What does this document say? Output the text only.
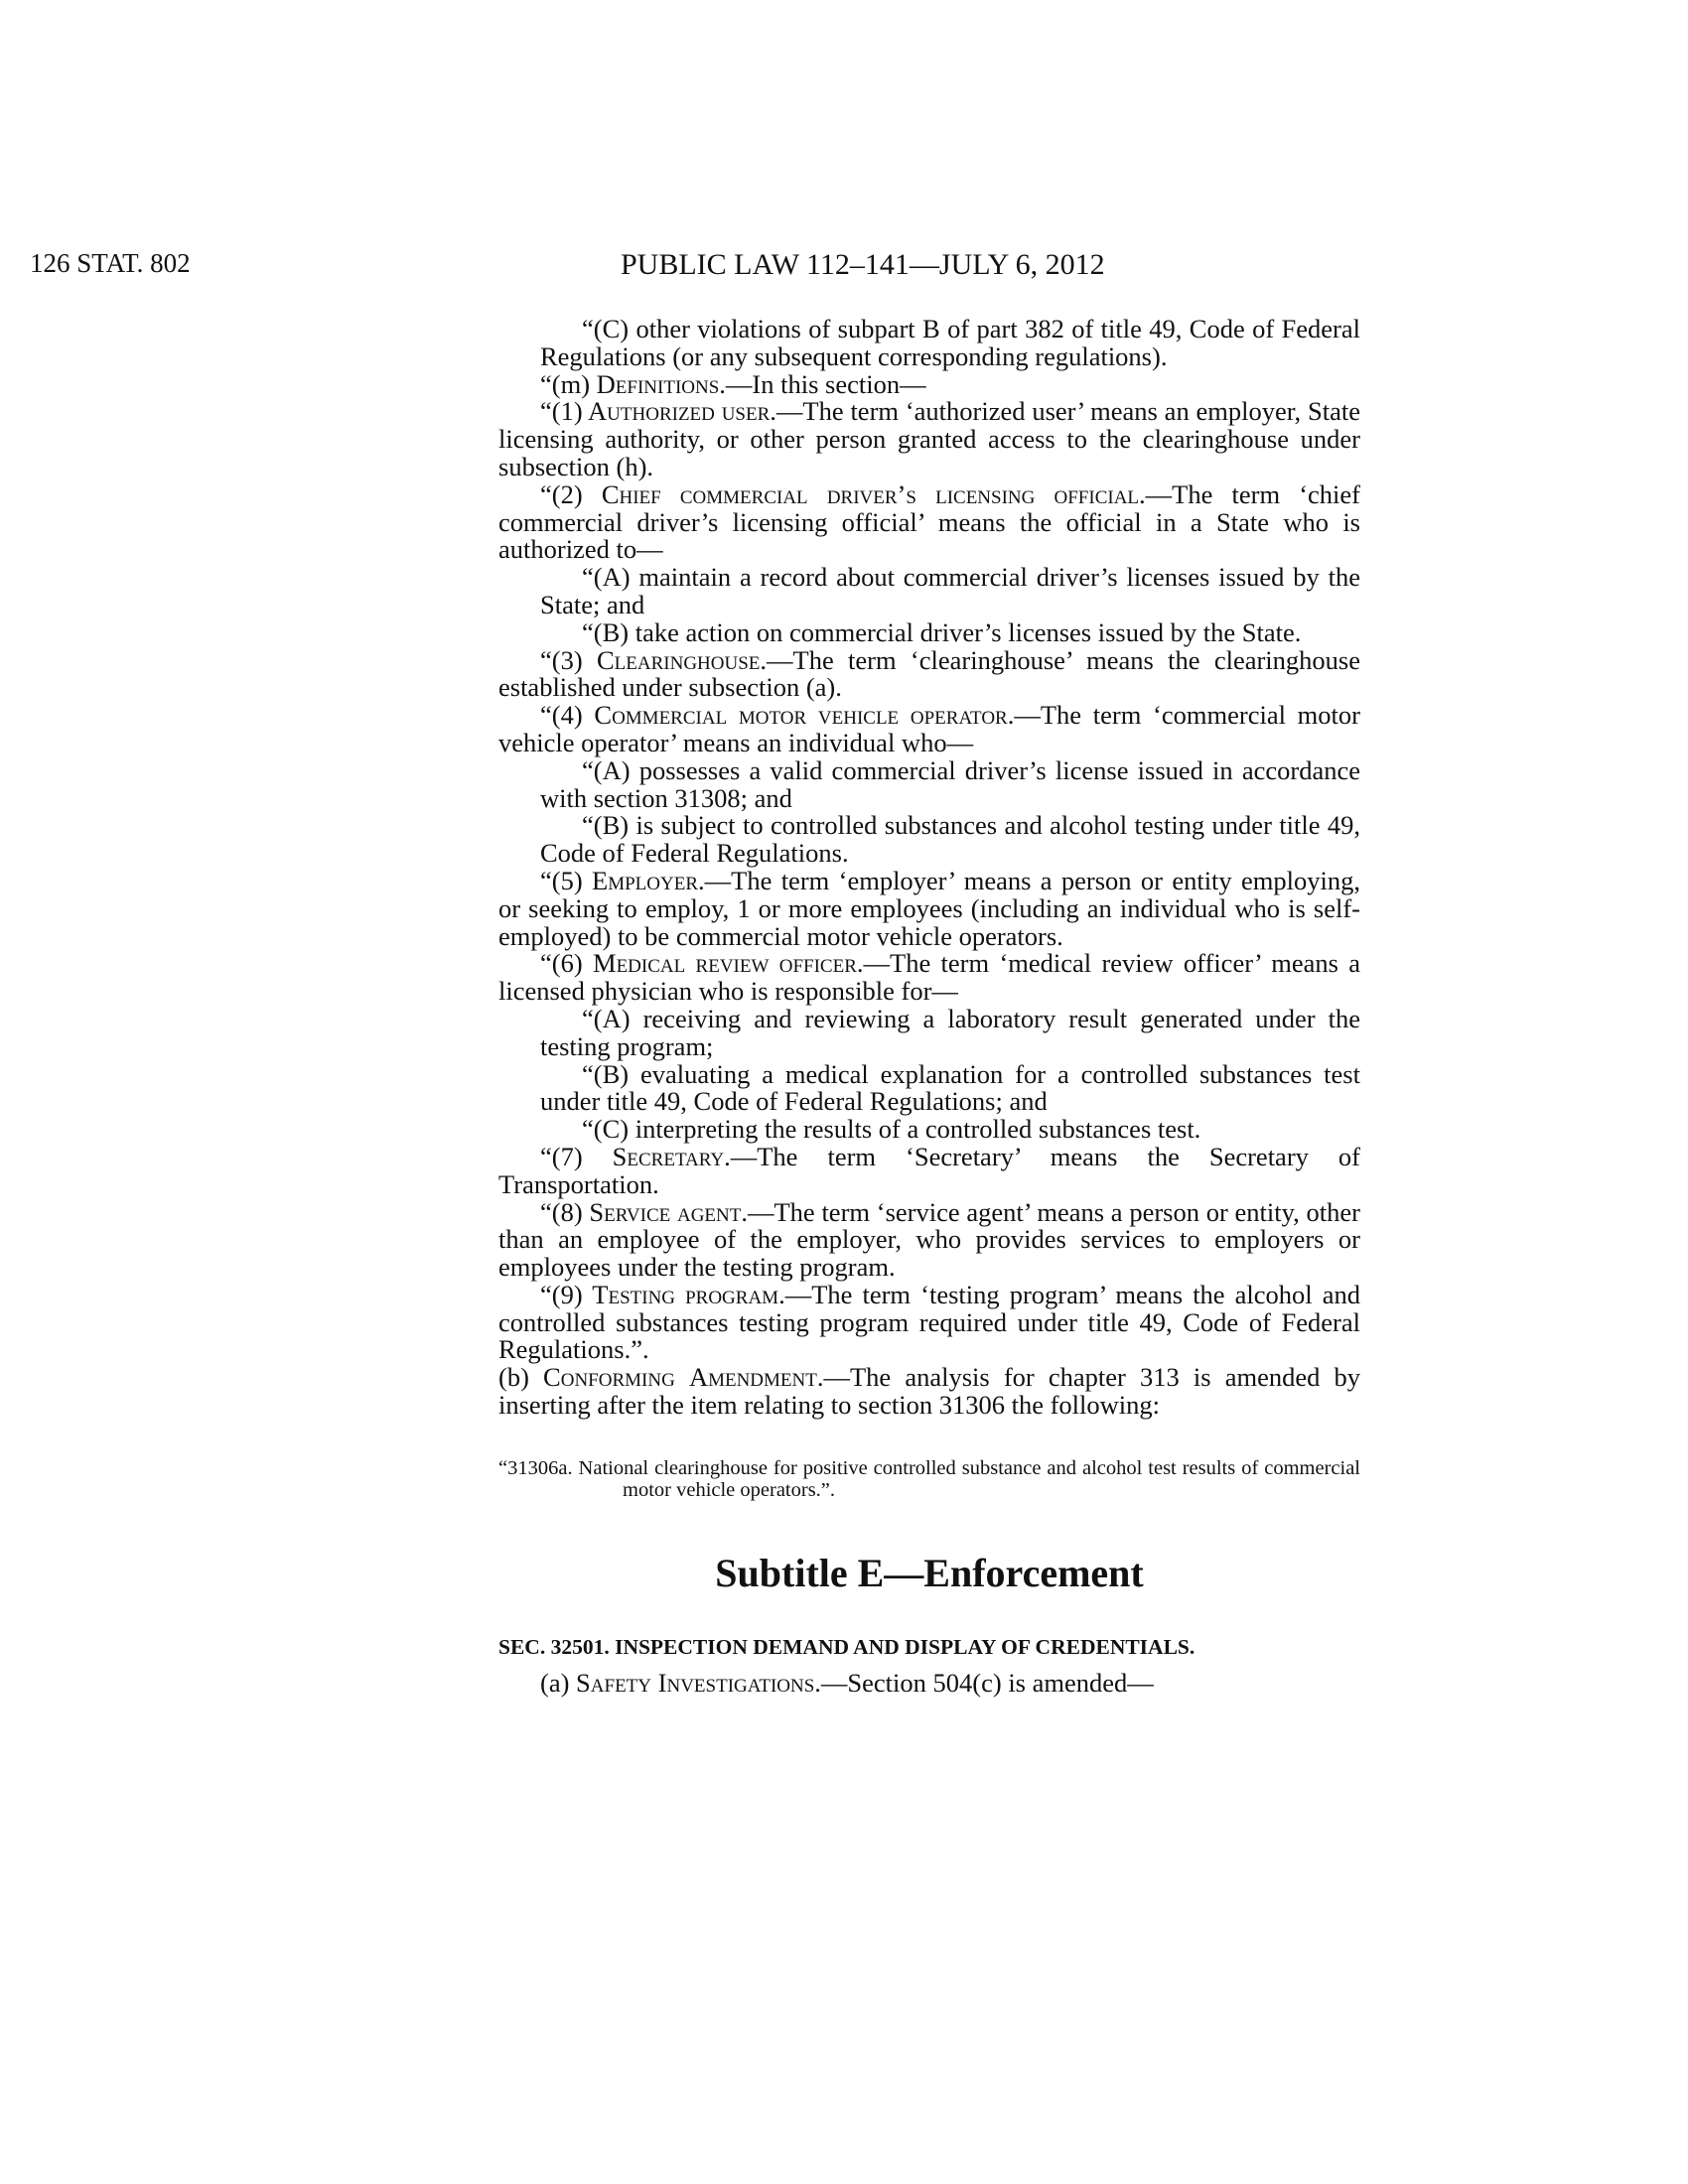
126 STAT. 802	PUBLIC LAW 112–141—JULY 6, 2012

“(C) other violations of subpart B of part 382 of title 49, Code of Federal Regulations (or any subsequent corresponding regulations).

“(m) Definitions.—In this section—

“(1) Authorized user.—The term ‘authorized user’ means an employer, State licensing authority, or other person granted access to the clearinghouse under subsection (h).

“(2) Chief commercial driver’s licensing official.—The term ‘chief commercial driver’s licensing official’ means the official in a State who is authorized to—

“(A) maintain a record about commercial driver’s licenses issued by the State; and

“(B) take action on commercial driver’s licenses issued by the State.

“(3) Clearinghouse.—The term ‘clearinghouse’ means the clearinghouse established under subsection (a).

“(4) Commercial motor vehicle operator.—The term ‘commercial motor vehicle operator’ means an individual who—

“(A) possesses a valid commercial driver’s license issued in accordance with section 31308; and

“(B) is subject to controlled substances and alcohol testing under title 49, Code of Federal Regulations.

“(5) Employer.—The term ‘employer’ means a person or entity employing, or seeking to employ, 1 or more employees (including an individual who is self-employed) to be commercial motor vehicle operators.

“(6) Medical review officer.—The term ‘medical review officer’ means a licensed physician who is responsible for—

“(A) receiving and reviewing a laboratory result generated under the testing program;

“(B) evaluating a medical explanation for a controlled substances test under title 49, Code of Federal Regulations; and

“(C) interpreting the results of a controlled substances test.

“(7) Secretary.—The term ‘Secretary’ means the Secretary of Transportation.

“(8) Service agent.—The term ‘service agent’ means a person or entity, other than an employee of the employer, who provides services to employers or employees under the testing program.

“(9) Testing program.—The term ‘testing program’ means the alcohol and controlled substances testing program required under title 49, Code of Federal Regulations.”.

(b) Conforming Amendment.—The analysis for chapter 313 is amended by inserting after the item relating to section 31306 the following:

“31306a. National clearinghouse for positive controlled substance and alcohol test results of commercial motor vehicle operators.”.

Subtitle E—Enforcement

SEC. 32501. INSPECTION DEMAND AND DISPLAY OF CREDENTIALS.

(a) Safety Investigations.—Section 504(c) is amended—
